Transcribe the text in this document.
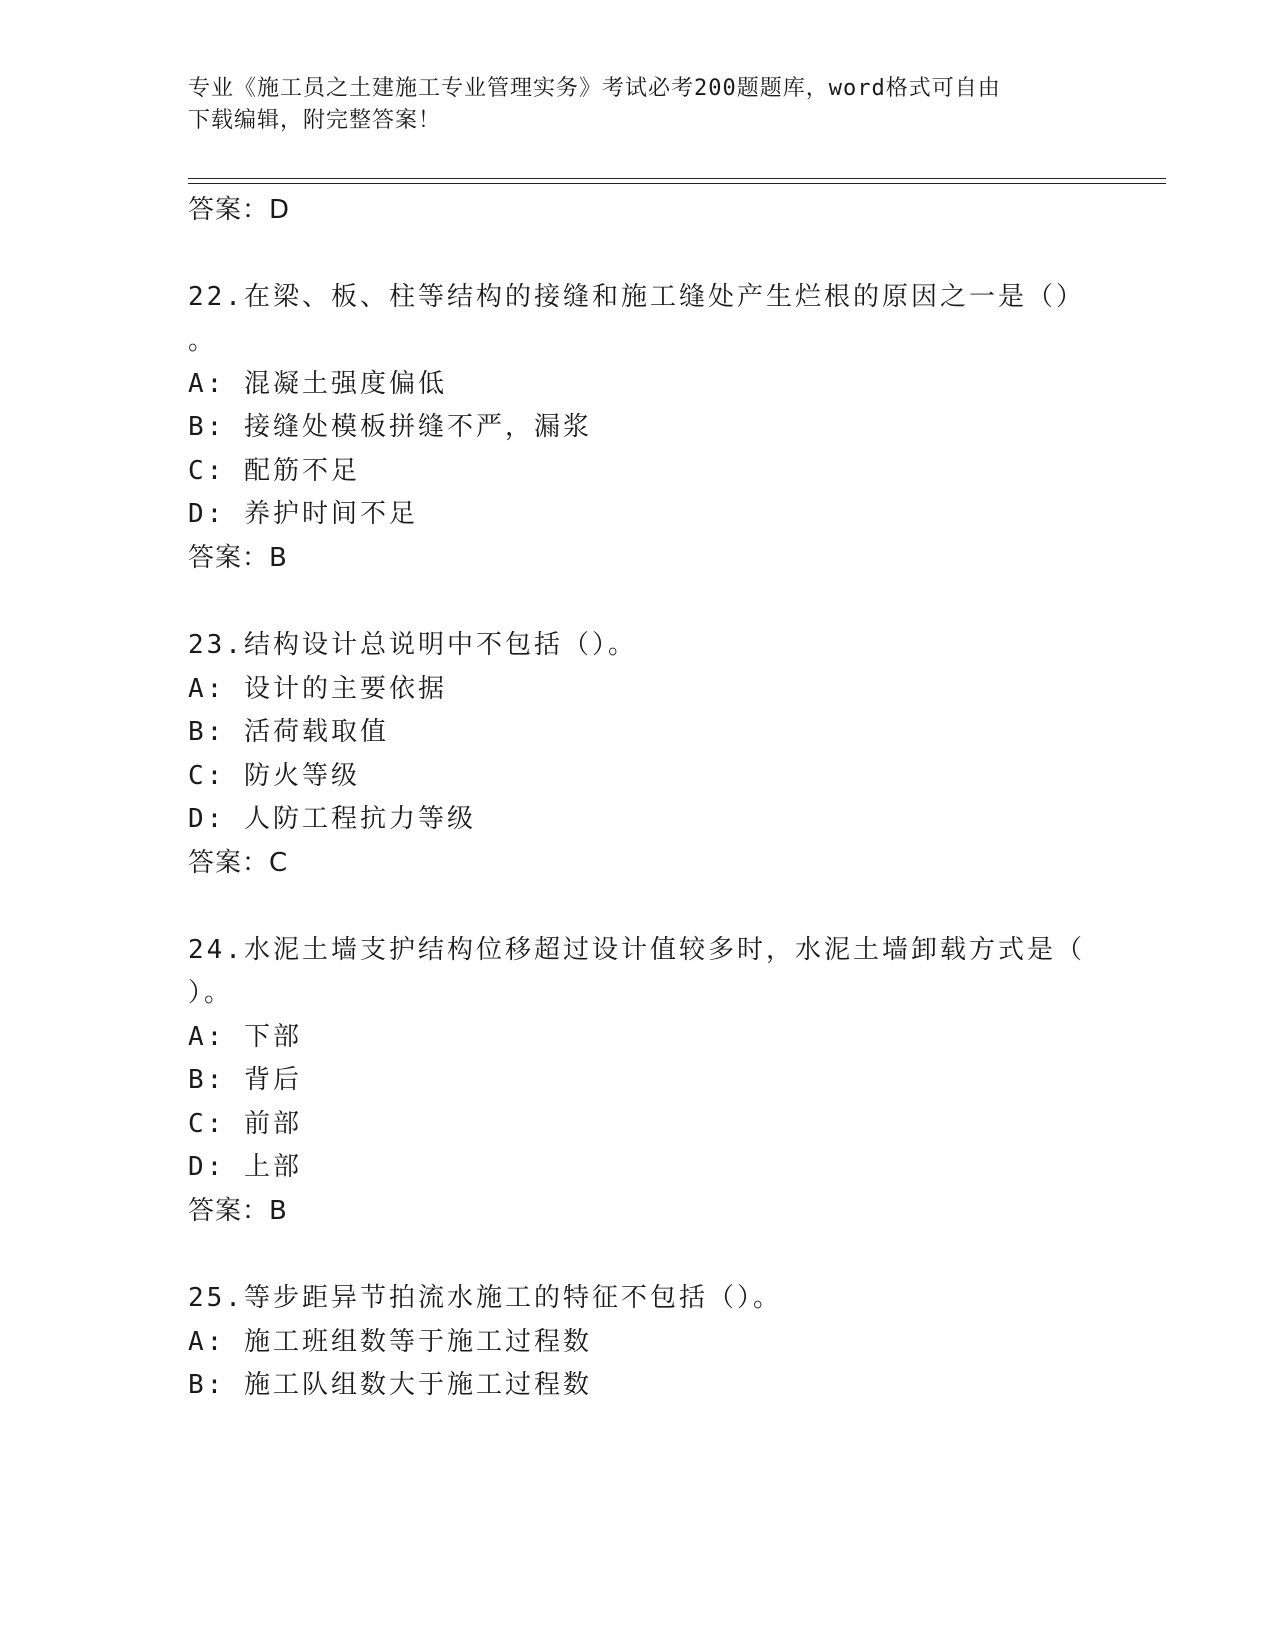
专业《施工员之土建施工专业管理实务》考试必考200题题库，word格式可自由
下载编辑，附完整答案！
答案：D
22.在梁、板、柱等结构的接缝和施工缝处产生烂根的原因之一是（）
。
A: 混凝土强度偏低
B: 接缝处模板拼缝不严，漏浆
C: 配筋不足
D: 养护时间不足
答案：B
23.结构设计总说明中不包括（）。
A: 设计的主要依据
B: 活荷载取值
C: 防火等级
D: 人防工程抗力等级
答案：C
24.水泥土墙支护结构位移超过设计值较多时，水泥土墙卸载方式是（
）。
A: 下部
B: 背后
C: 前部
D: 上部
答案：B
25.等步距异节拍流水施工的特征不包括（）。
A: 施工班组数等于施工过程数
B: 施工队组数大于施工过程数
